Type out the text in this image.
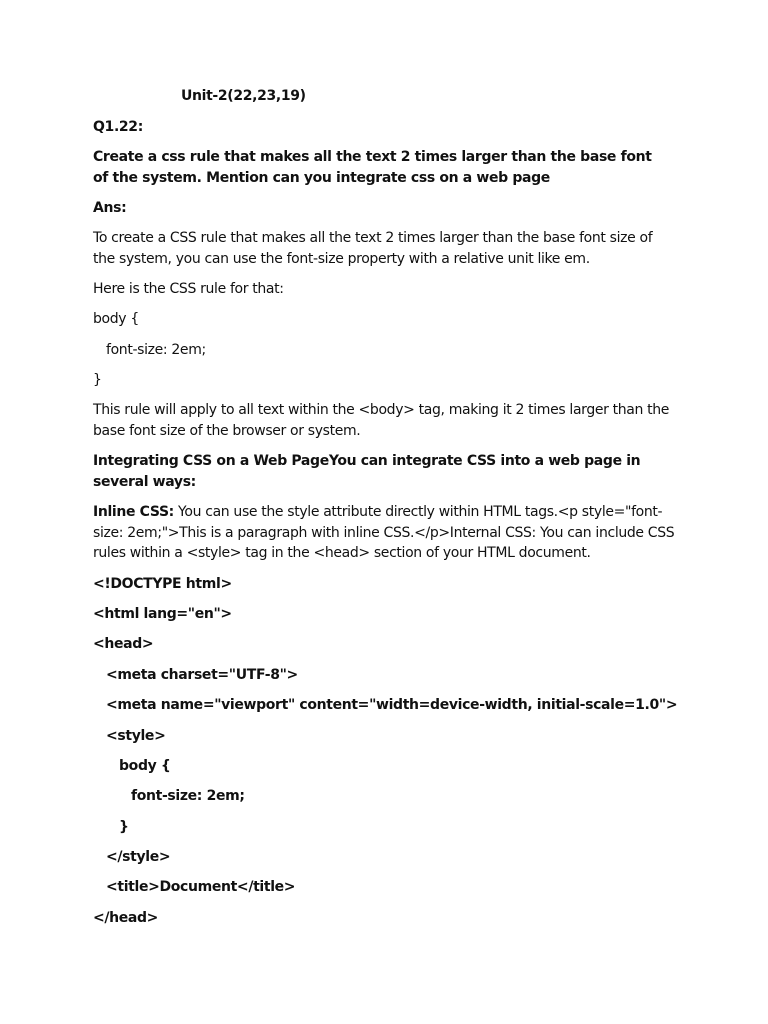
Unit-2(22,23,19)
Q1.22:
Create a css rule that makes all the text 2 times larger than the base font of the system. Mention can you integrate css on a web page
Ans:
To create a CSS rule that makes all the text 2 times larger than the base font size of the system, you can use the font-size property with a relative unit like em.
Here is the CSS rule for that:
body {
font-size: 2em;
}
This rule will apply to all text within the <body> tag, making it 2 times larger than the base font size of the browser or system.
Integrating CSS on a Web PageYou can integrate CSS into a web page in several ways:
Inline CSS: You can use the style attribute directly within HTML tags.<p style="font-size: 2em;">This is a paragraph with inline CSS.</p>Internal CSS: You can include CSS rules within a <style> tag in the <head> section of your HTML document.
<!DOCTYPE html>
<html lang="en">
<head>
<meta charset="UTF-8">
<meta name="viewport" content="width=device-width, initial-scale=1.0">
<style>
body {
font-size: 2em;
}
</style>
<title>Document</title>
</head>
